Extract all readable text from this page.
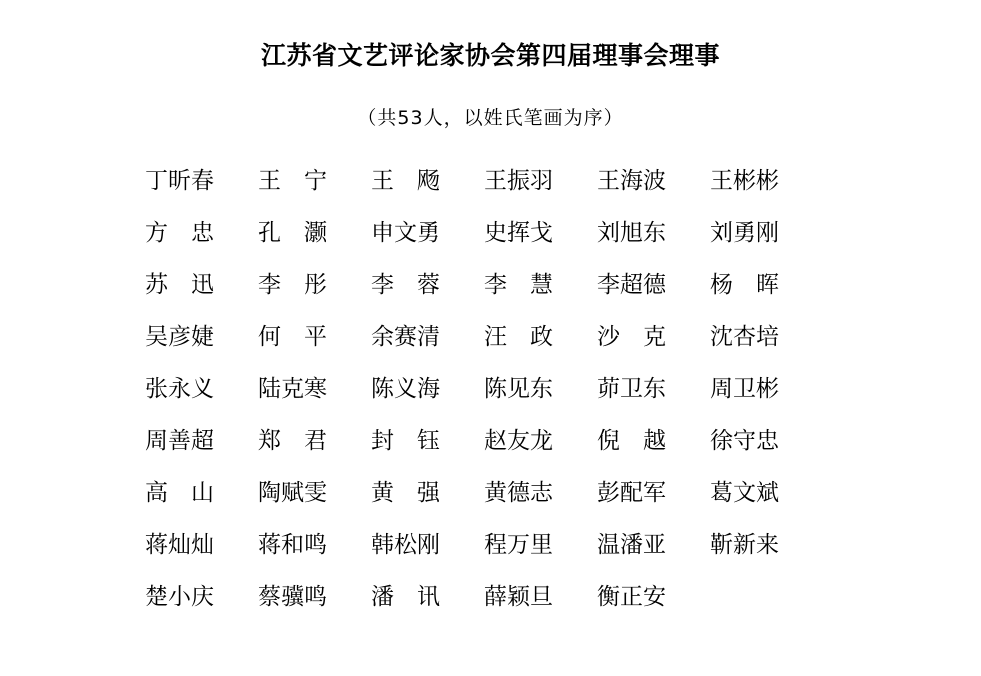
江苏省文艺评论家协会第四届理事会理事
（共53人，以姓氏笔画为序）
丁昕春	王　宁	王　飏	王振羽	王海波	王彬彬
方　忠	孔　灏	申文勇	史挥戈	刘旭东	刘勇刚
苏　迅	李　彤	李　蓉	李　慧	李超德	杨　晖
吴彦婕	何　平	余赛清	汪　政	沙　克	沈杏培
张永义	陆克寒	陈义海	陈见东	茆卫东	周卫彬
周善超	郑　君	封　钰	赵友龙	倪　越	徐守忠
高　山	陶赋雯	黄　强	黄德志	彭配军	葛文斌
蒋灿灿	蒋和鸣	韩松刚	程万里	温潘亚	靳新来
楚小庆	蔡骥鸣	潘　讯	薛颖旦	衡正安
